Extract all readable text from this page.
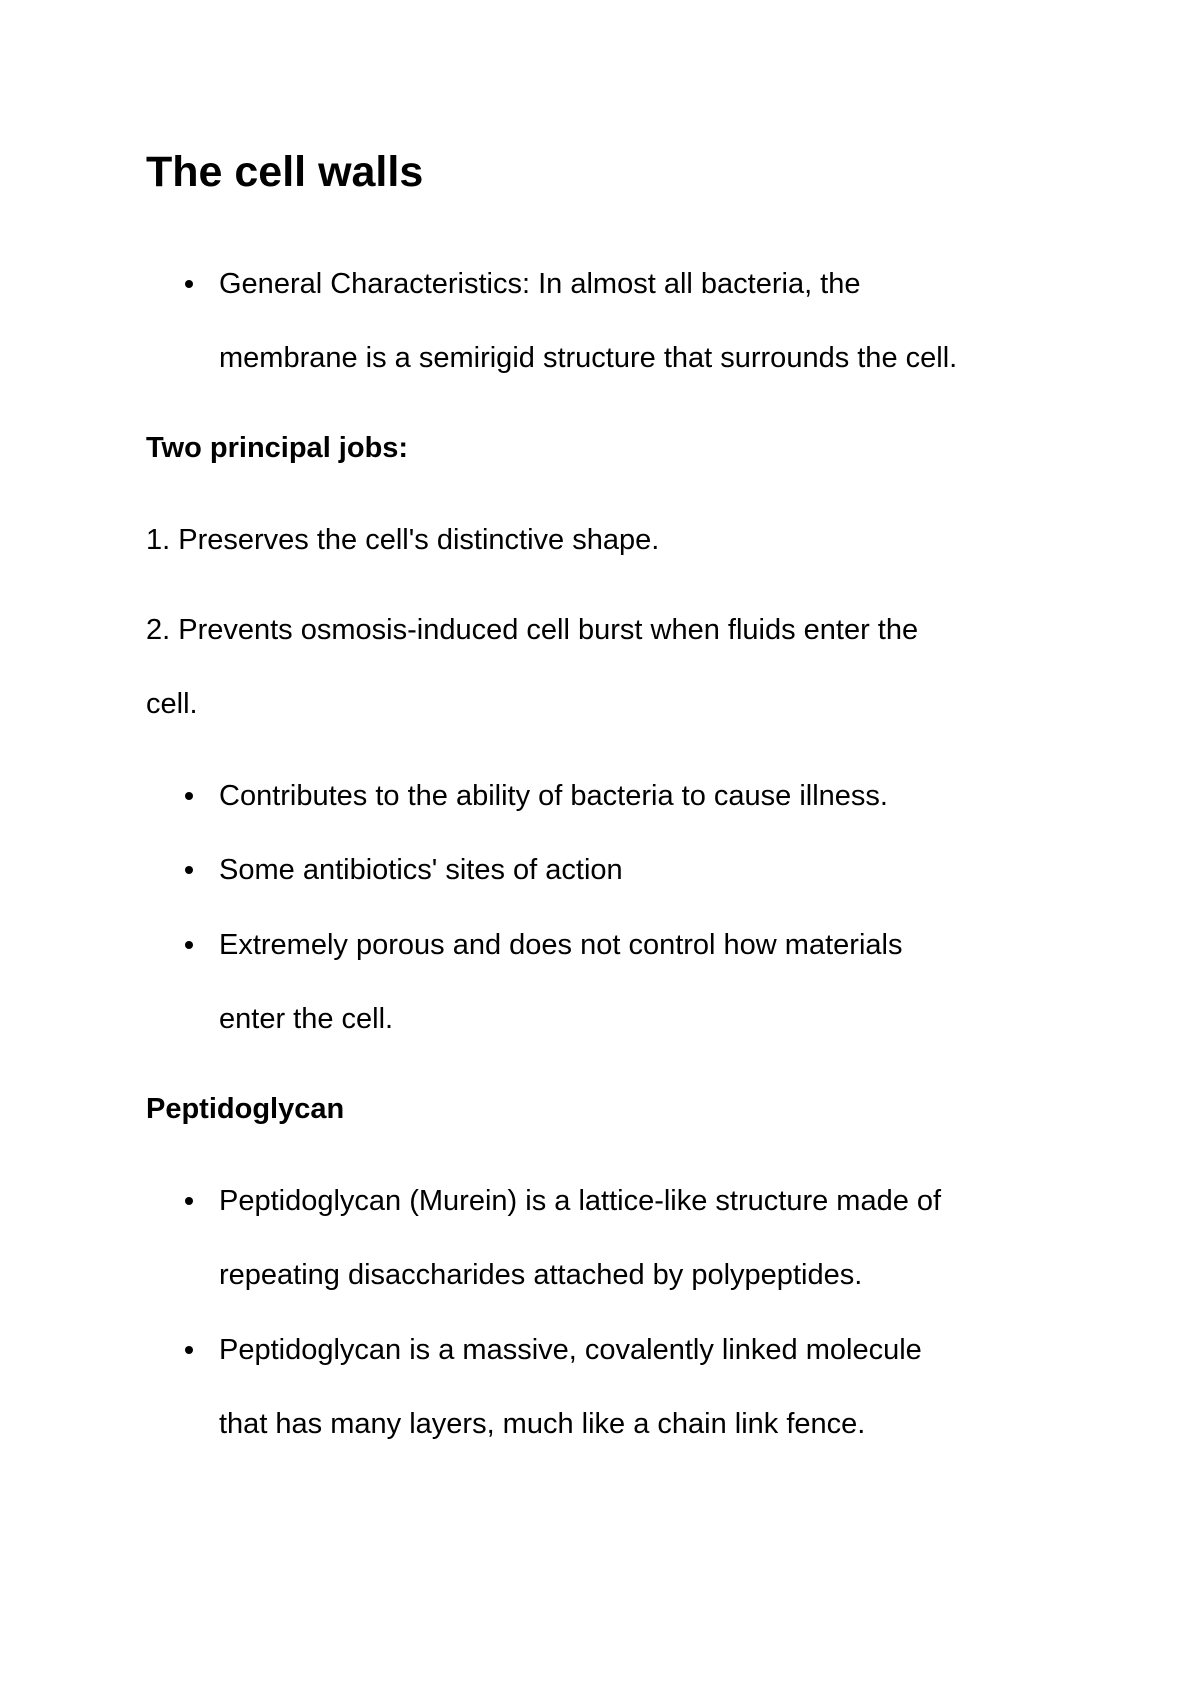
The cell walls

General Characteristics: In almost all bacteria, the

membrane is a semirigid structure that surrounds the cell.

Two principal jobs:

1. Preserves the cell's distinctive shape.

2. Prevents osmosis-induced cell burst when fluids enter the

cell.

Contributes to the ability of bacteria to cause illness.

Some antibiotics' sites of action

Extremely porous and does not control how materials

enter the cell.

Peptidoglycan

Peptidoglycan (Murein) is a lattice-like structure made of

repeating disaccharides attached by polypeptides.

Peptidoglycan is a massive, covalently linked molecule

that has many layers, much like a chain link fence.
